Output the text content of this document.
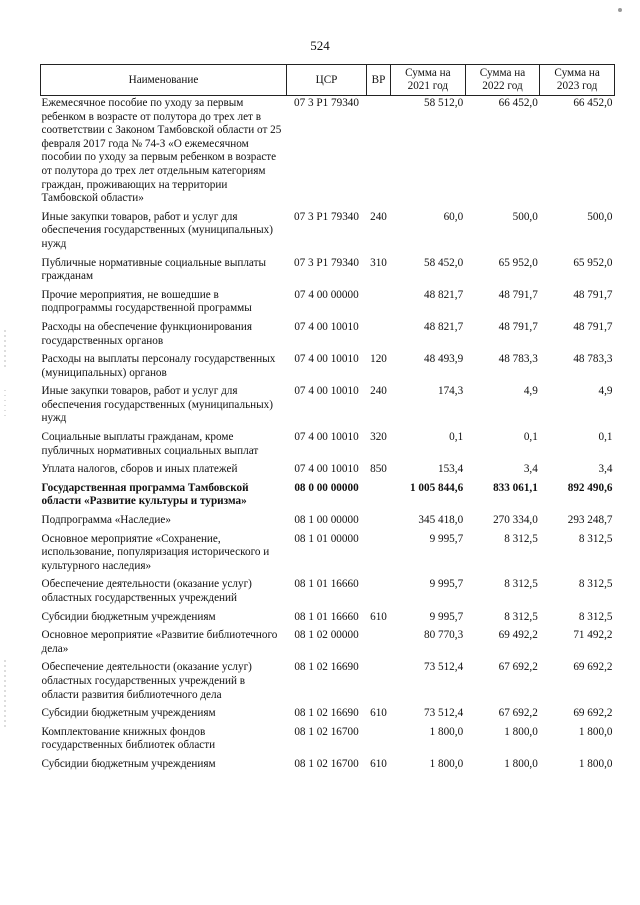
524
Наименование	ЦСР	ВР	Сумма на 2021 год	Сумма на 2022 год	Сумма на 2023 год
Ежемесячное пособие по уходу за первым ребенком в возрасте от полутора до трех лет в соответствии с Законом Тамбовской области от 25 февраля 2017 года № 74-З «О ежемесячном пособии по уходу за первым ребенком в возрасте от полутора до трех лет отдельным категориям граждан, проживающих на территории Тамбовской области»	07 3 P1 79340		58 512,0	66 452,0	66 452,0
Иные закупки товаров, работ и услуг для обеспечения государственных (муниципальных) нужд	07 3 P1 79340	240	60,0	500,0	500,0
Публичные нормативные социальные выплаты гражданам	07 3 P1 79340	310	58 452,0	65 952,0	65 952,0
Прочие мероприятия, не вошедшие в подпрограммы государственной программы	07 4 00 00000		48 821,7	48 791,7	48 791,7
Расходы на обеспечение функционирования государственных органов	07 4 00 10010		48 821,7	48 791,7	48 791,7
Расходы на выплаты персоналу государственных (муниципальных) органов	07 4 00 10010	120	48 493,9	48 783,3	48 783,3
Иные закупки товаров, работ и услуг для обеспечения государственных (муниципальных) нужд	07 4 00 10010	240	174,3	4,9	4,9
Социальные выплаты гражданам, кроме публичных нормативных социальных выплат	07 4 00 10010	320	0,1	0,1	0,1
Уплата налогов, сборов и иных платежей	07 4 00 10010	850	153,4	3,4	3,4
Государственная программа Тамбовской области «Развитие культуры и туризма»	08 0 00 00000		1 005 844,6	833 061,1	892 490,6
Подпрограмма «Наследие»	08 1 00 00000		345 418,0	270 334,0	293 248,7
Основное мероприятие «Сохранение, использование, популяризация исторического и культурного наследия»	08 1 01 00000		9 995,7	8 312,5	8 312,5
Обеспечение деятельности (оказание услуг) областных государственных учреждений	08 1 01 16660		9 995,7	8 312,5	8 312,5
Субсидии бюджетным учреждениям	08 1 01 16660	610	9 995,7	8 312,5	8 312,5
Основное мероприятие «Развитие библиотечного дела»	08 1 02 00000		80 770,3	69 492,2	71 492,2
Обеспечение деятельности (оказание услуг) областных государственных учреждений в области развития библиотечного дела	08 1 02 16690		73 512,4	67 692,2	69 692,2
Субсидии бюджетным учреждениям	08 1 02 16690	610	73 512,4	67 692,2	69 692,2
Комплектование книжных фондов государственных библиотек области	08 1 02 16700		1 800,0	1 800,0	1 800,0
Субсидии бюджетным учреждениям	08 1 02 16700	610	1 800,0	1 800,0	1 800,0
